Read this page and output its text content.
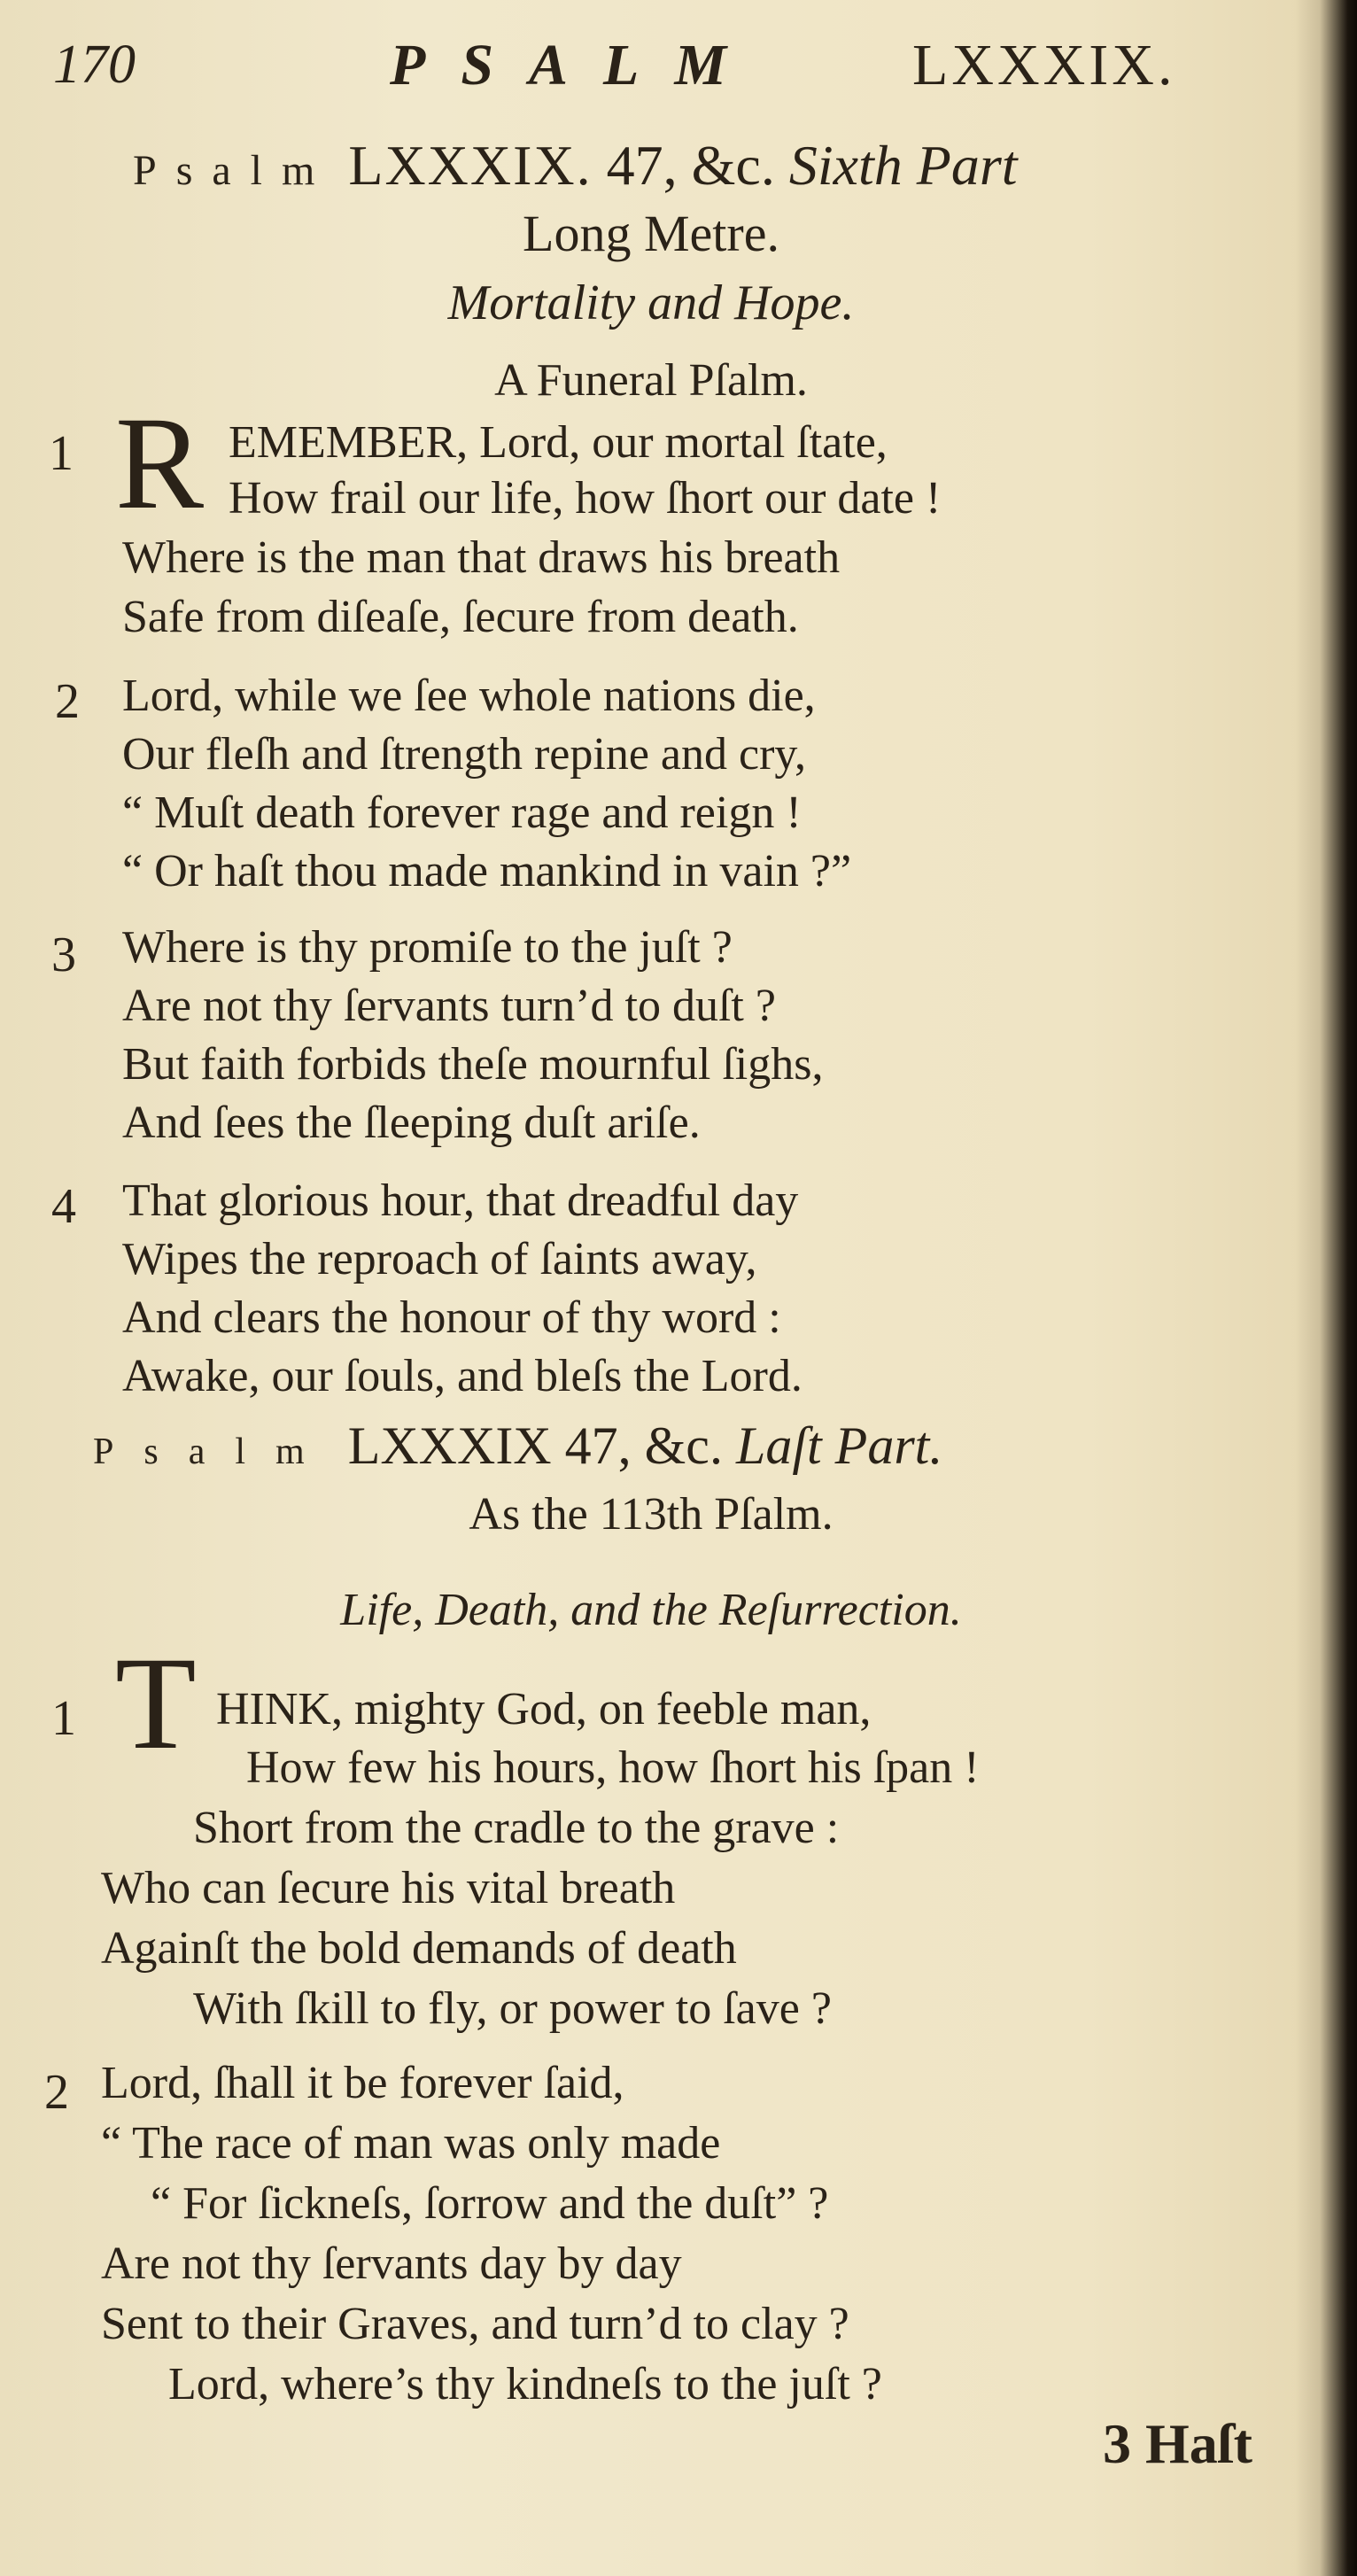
170	PSALM	LXXXIX.
Psalm LXXXIX. 47, &c. Sixth Part
Long Metre.
Mortality and Hope.
A Funeral Pſalm.
R
1	EMEMBER, Lord, our mortal ſtate,
How frail our life, how ſhort our date !
Where is the man that draws his breath
Safe from diſeaſe, ſecure from death.
2 Lord, while we ſee whole nations die,
Our fleſh and ſtrength repine and cry,
“ Muſt death forever rage and reign !
“ Or haſt thou made mankind in vain ?”
3 Where is thy promiſe to the juſt ?
Are not thy ſervants turn’d to duſt ?
But faith forbids theſe mournful ſighs,
And ſees the ſleeping duſt ariſe.
4 That glorious hour, that dreadful day
Wipes the reproach of ſaints away,
And clears the honour of thy word :
Awake, our ſouls, and bleſs the Lord.
Psalm LXXXIX 47, &c. Laſt Part.
As the 113th Pſalm.
Life, Death, and the Reſurrection.
T
1	HINK, mighty God, on feeble man,
How few his hours, how ſhort his ſpan !
Short from the cradle to the grave :
Who can ſecure his vital breath
Againſt the bold demands of death
With ſkill to fly, or power to ſave ?
2 Lord, ſhall it be forever ſaid,
“ The race of man was only made
“ For ſickneſs, ſorrow and the duſt” ?
Are not thy ſervants day by day
Sent to their Graves, and turn’d to clay ?
Lord, where’s thy kindneſs to the juſt ?
3 Haſt
